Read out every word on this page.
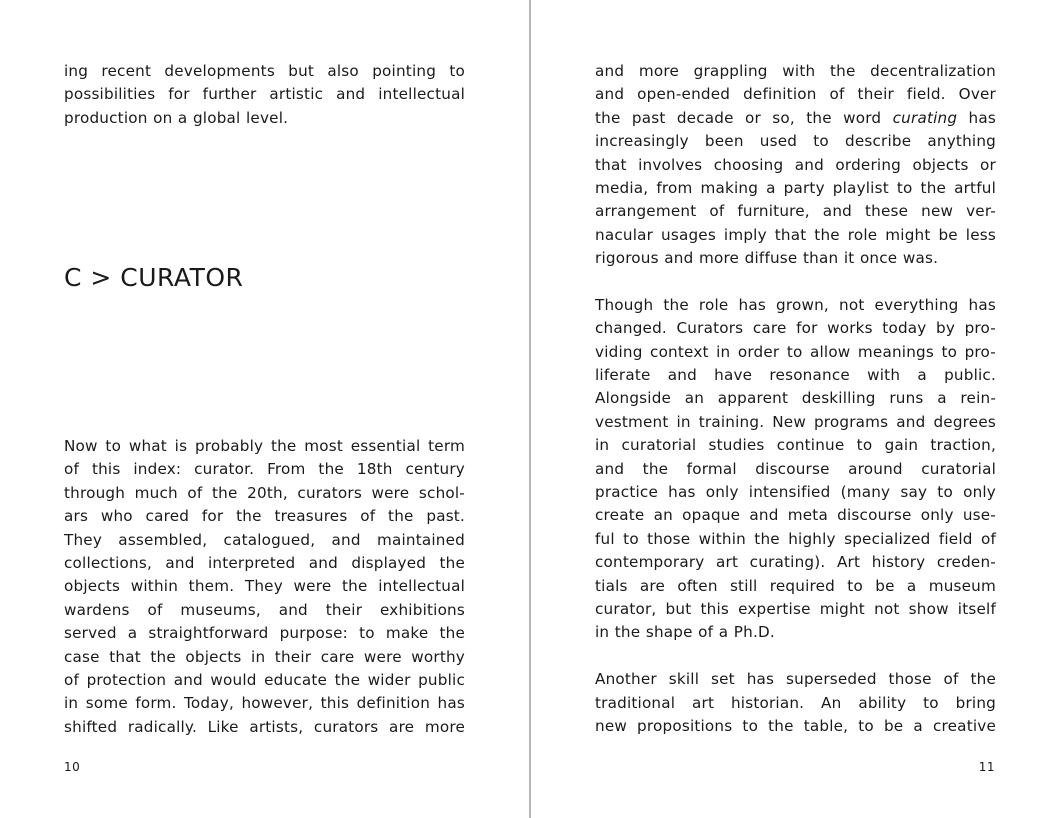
ing recent developments but also pointing to
possibilities for further artistic and intellectual
production on a global level.
C > CURATOR
Now to what is probably the most essential term
of this index: curator. From the 18th century
through much of the 20th, curators were schol-
ars who cared for the treasures of the past.
They assembled, catalogued, and maintained
collections, and interpreted and displayed the
objects within them. They were the intellectual
wardens of museums, and their exhibitions
served a straightforward purpose: to make the
case that the objects in their care were worthy
of protection and would educate the wider public
in some form. Today, however, this definition has
shifted radically. Like artists, curators are more
10
and more grappling with the decentralization
and open-ended definition of their field. Over
the past decade or so, the word curating has
increasingly been used to describe anything
that involves choosing and ordering objects or
media, from making a party playlist to the artful
arrangement of furniture, and these new ver-
nacular usages imply that the role might be less
rigorous and more diffuse than it once was.
Though the role has grown, not everything has
changed. Curators care for works today by pro-
viding context in order to allow meanings to pro-
liferate and have resonance with a public.
Alongside an apparent deskilling runs a rein-
vestment in training. New programs and degrees
in curatorial studies continue to gain traction,
and the formal discourse around curatorial
practice has only intensified (many say to only
create an opaque and meta discourse only use-
ful to those within the highly specialized field of
contemporary art curating). Art history creden-
tials are often still required to be a museum
curator, but this expertise might not show itself
in the shape of a Ph.D.
Another skill set has superseded those of the
traditional art historian. An ability to bring
new propositions to the table, to be a creative
11
